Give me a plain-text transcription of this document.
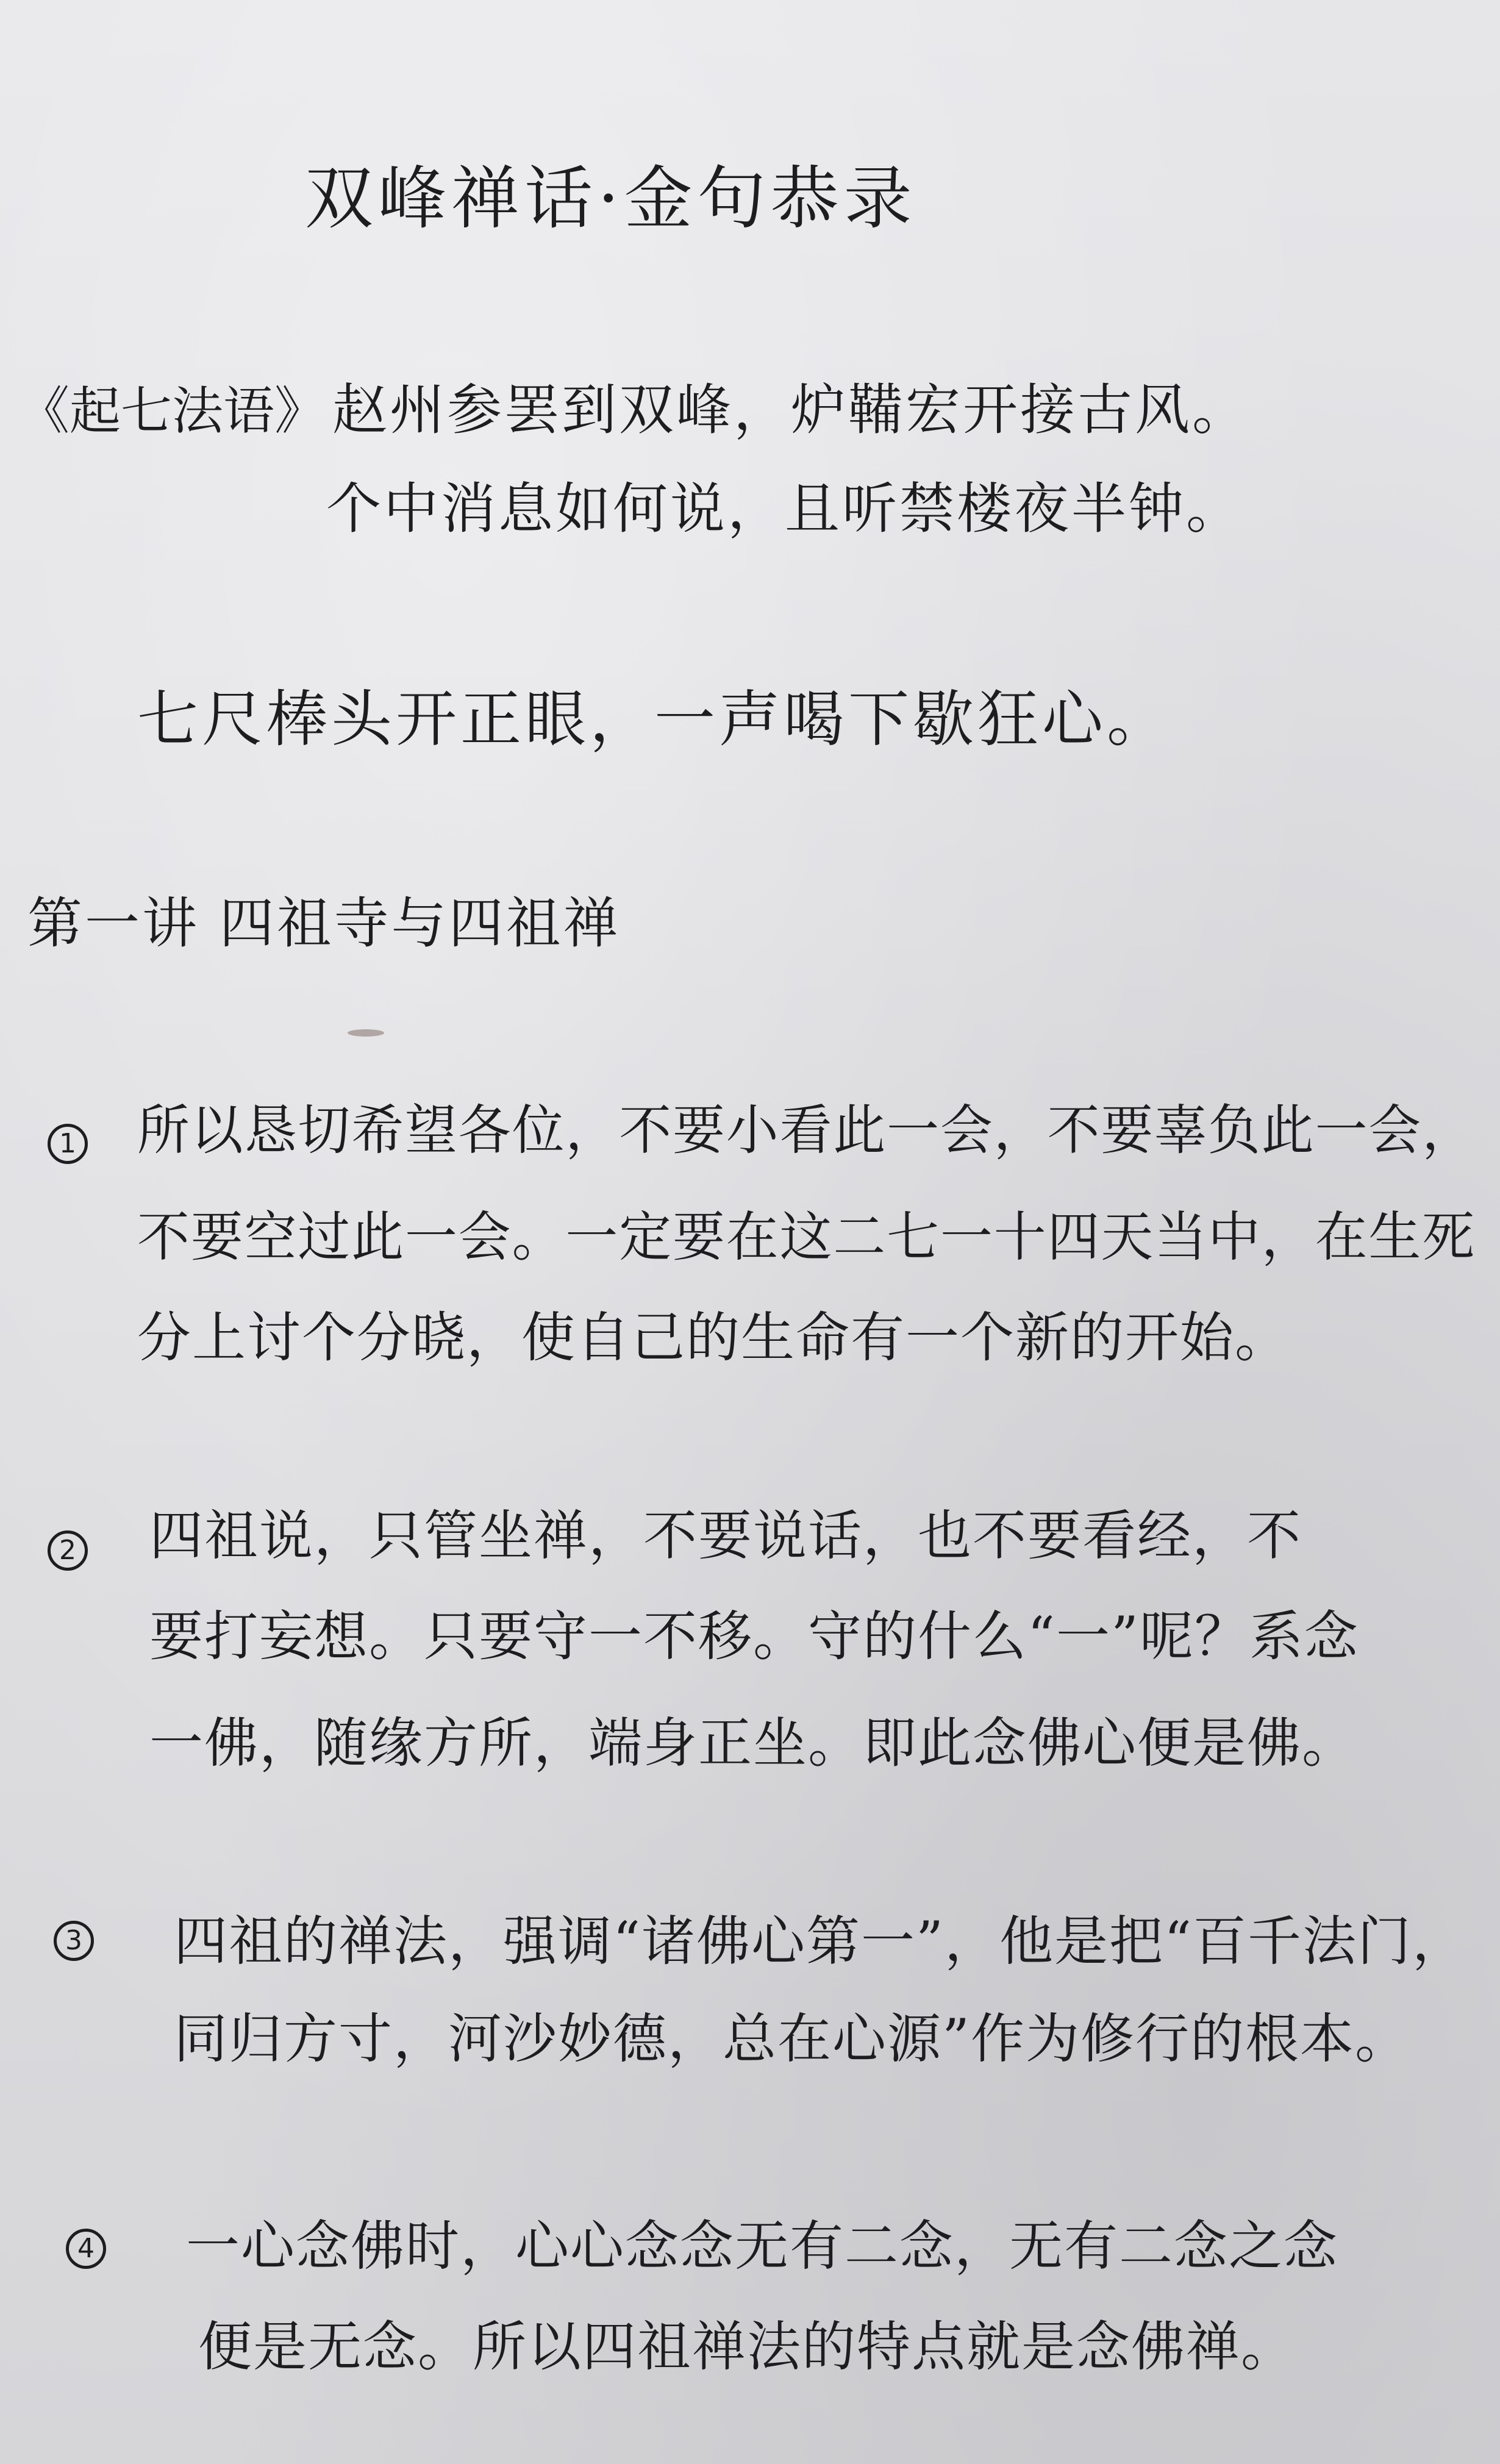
双峰禅话·金句恭录
《起七法语》 赵州参罢到双峰，炉鞴宏开接古风。
个中消息如何说，且听禁楼夜半钟。
七尺棒头开正眼，一声喝下歇狂心。
第一讲 四祖寺与四祖禅
1 所以恳切希望各位，不要小看此一会，不要辜负此一会，
不要空过此一会。一定要在这二七一十四天当中，在生死
分上讨个分晓，使自己的生命有一个新的开始。
2 四祖说，只管坐禅，不要说话，也不要看经，不
要打妄想。只要守一不移。守的什么“一”呢？系念
一佛，随缘方所，端身正坐。即此念佛心便是佛。
3 四祖的禅法，强调“诸佛心第一”，他是把“百千法门，
同归方寸，河沙妙德，总在心源”作为修行的根本。
4 一心念佛时，心心念念无有二念，无有二念之念
便是无念。所以四祖禅法的特点就是念佛禅。
